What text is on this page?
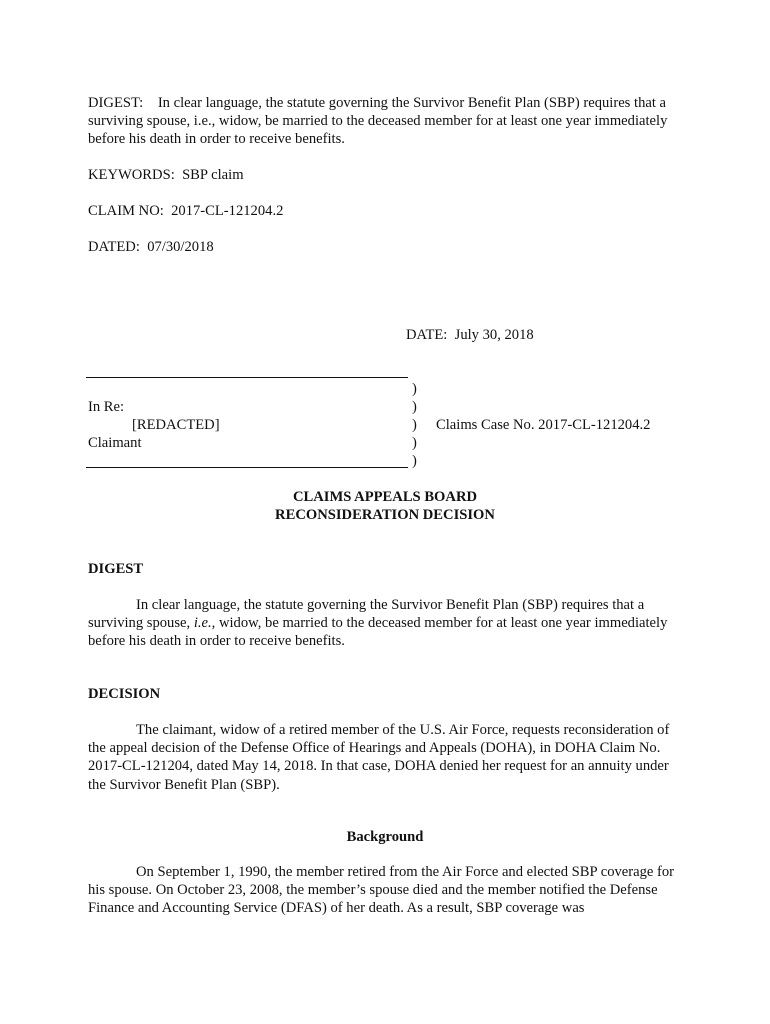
DIGEST: In clear language, the statute governing the Survivor Benefit Plan (SBP) requires that a surviving spouse, i.e., widow, be married to the deceased member for at least one year immediately before his death in order to receive benefits.

KEYWORDS: SBP claim

CLAIM NO: 2017-CL-121204.2

DATED: 07/30/2018

DATE: July 30, 2018

)
)
)
)
)
In Re:
[REDACTED]
Claimant
Claims Case No. 2017-CL-121204.2
CLAIMS APPEALS BOARD
RECONSIDERATION DECISION

DIGEST

In clear language, the statute governing the Survivor Benefit Plan (SBP) requires that a surviving spouse, i.e., widow, be married to the deceased member for at least one year immediately before his death in order to receive benefits.

DECISION

The claimant, widow of a retired member of the U.S. Air Force, requests reconsideration of the appeal decision of the Defense Office of Hearings and Appeals (DOHA), in DOHA Claim No. 2017-CL-121204, dated May 14, 2018. In that case, DOHA denied her request for an annuity under the Survivor Benefit Plan (SBP).

Background

On September 1, 1990, the member retired from the Air Force and elected SBP coverage for his spouse. On October 23, 2008, the member’s spouse died and the member notified the Defense Finance and Accounting Service (DFAS) of her death. As a result, SBP coverage was
